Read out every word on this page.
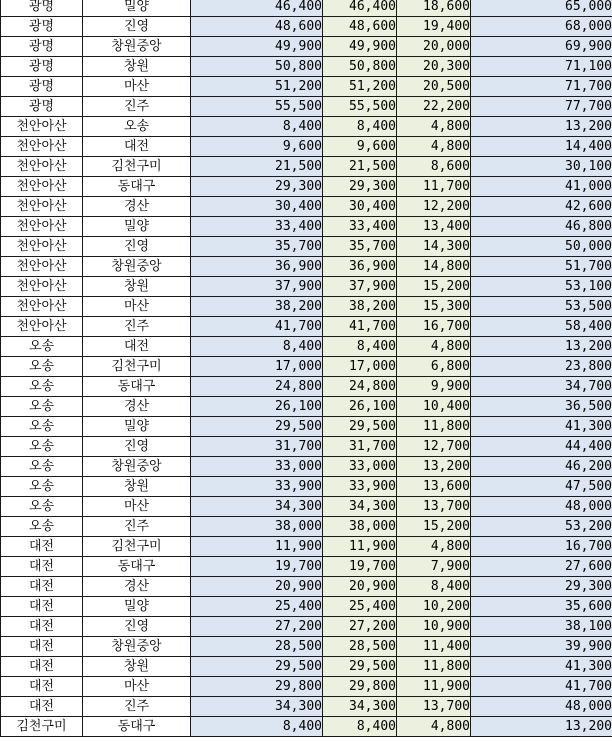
광명	밀양	46,400	46,400	18,600	65,000
광명	진영	48,600	48,600	19,400	68,000
광명	창원중앙	49,900	49,900	20,000	69,900
광명	창원	50,800	50,800	20,300	71,100
광명	마산	51,200	51,200	20,500	71,700
광명	진주	55,500	55,500	22,200	77,700
천안아산	오송	8,400	8,400	4,800	13,200
천안아산	대전	9,600	9,600	4,800	14,400
천안아산	김천구미	21,500	21,500	8,600	30,100
천안아산	동대구	29,300	29,300	11,700	41,000
천안아산	경산	30,400	30,400	12,200	42,600
천안아산	밀양	33,400	33,400	13,400	46,800
천안아산	진영	35,700	35,700	14,300	50,000
천안아산	창원중앙	36,900	36,900	14,800	51,700
천안아산	창원	37,900	37,900	15,200	53,100
천안아산	마산	38,200	38,200	15,300	53,500
천안아산	진주	41,700	41,700	16,700	58,400
오송	대전	8,400	8,400	4,800	13,200
오송	김천구미	17,000	17,000	6,800	23,800
오송	동대구	24,800	24,800	9,900	34,700
오송	경산	26,100	26,100	10,400	36,500
오송	밀양	29,500	29,500	11,800	41,300
오송	진영	31,700	31,700	12,700	44,400
오송	창원중앙	33,000	33,000	13,200	46,200
오송	창원	33,900	33,900	13,600	47,500
오송	마산	34,300	34,300	13,700	48,000
오송	진주	38,000	38,000	15,200	53,200
대전	김천구미	11,900	11,900	4,800	16,700
대전	동대구	19,700	19,700	7,900	27,600
대전	경산	20,900	20,900	8,400	29,300
대전	밀양	25,400	25,400	10,200	35,600
대전	진영	27,200	27,200	10,900	38,100
대전	창원중앙	28,500	28,500	11,400	39,900
대전	창원	29,500	29,500	11,800	41,300
대전	마산	29,800	29,800	11,900	41,700
대전	진주	34,300	34,300	13,700	48,000
김천구미	동대구	8,400	8,400	4,800	13,200
